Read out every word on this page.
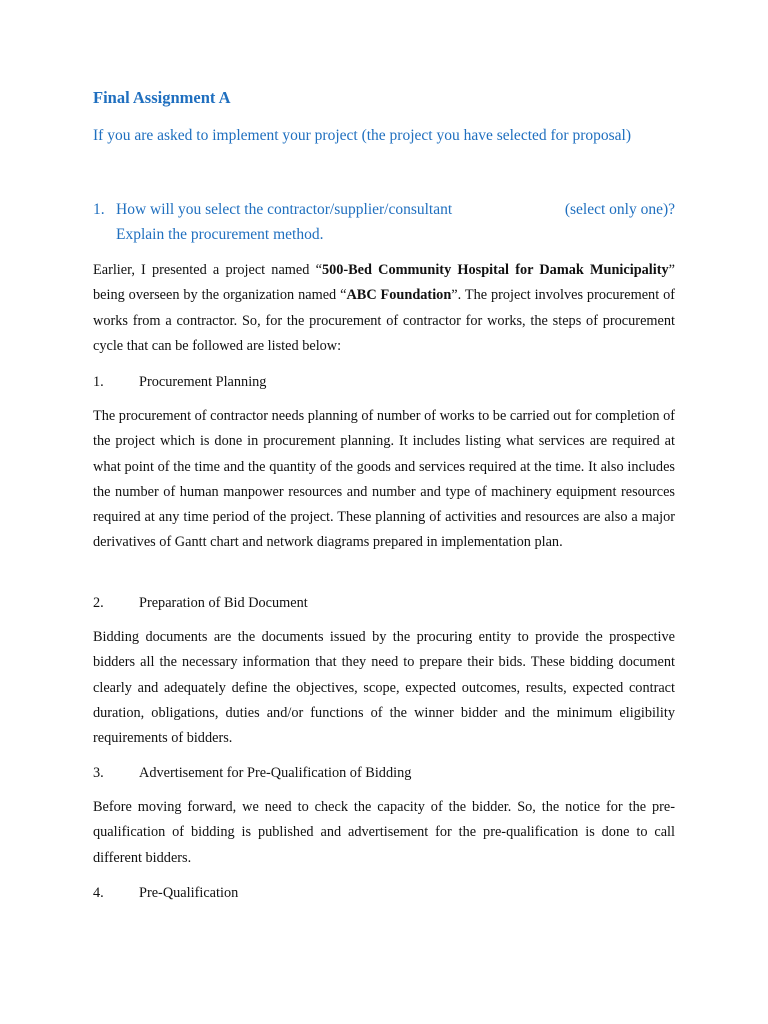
Final Assignment A

If you are asked to implement your project (the project you have selected for proposal)

1. How will you select the contractor/supplier/consultant	(select only one)?
Explain the procurement method.

Earlier, I presented a project named “500-Bed Community Hospital for Damak Municipality” being overseen by the organization named “ABC Foundation”. The project involves procurement of works from a contractor. So, for the procurement of contractor for works, the steps of procurement cycle that can be followed are listed below:

1. Procurement Planning

The procurement of contractor needs planning of number of works to be carried out for completion of the project which is done in procurement planning. It includes listing what services are required at what point of the time and the quantity of the goods and services required at the time. It also includes the number of human manpower resources and number and type of machinery equipment resources required at any time period of the project. These planning of activities and resources are also a major derivatives of Gantt chart and network diagrams prepared in implementation plan.

2. Preparation of Bid Document

Bidding documents are the documents issued by the procuring entity to provide the prospective bidders all the necessary information that they need to prepare their bids. These bidding document clearly and adequately define the objectives, scope, expected outcomes, results, expected contract duration, obligations, duties and/or functions of the winner bidder and the minimum eligibility requirements of bidders.

3. Advertisement for Pre-Qualification of Bidding

Before moving forward, we need to check the capacity of the bidder. So, the notice for the pre-qualification of bidding is published and advertisement for the pre-qualification is done to call different bidders.

4. Pre-Qualification
